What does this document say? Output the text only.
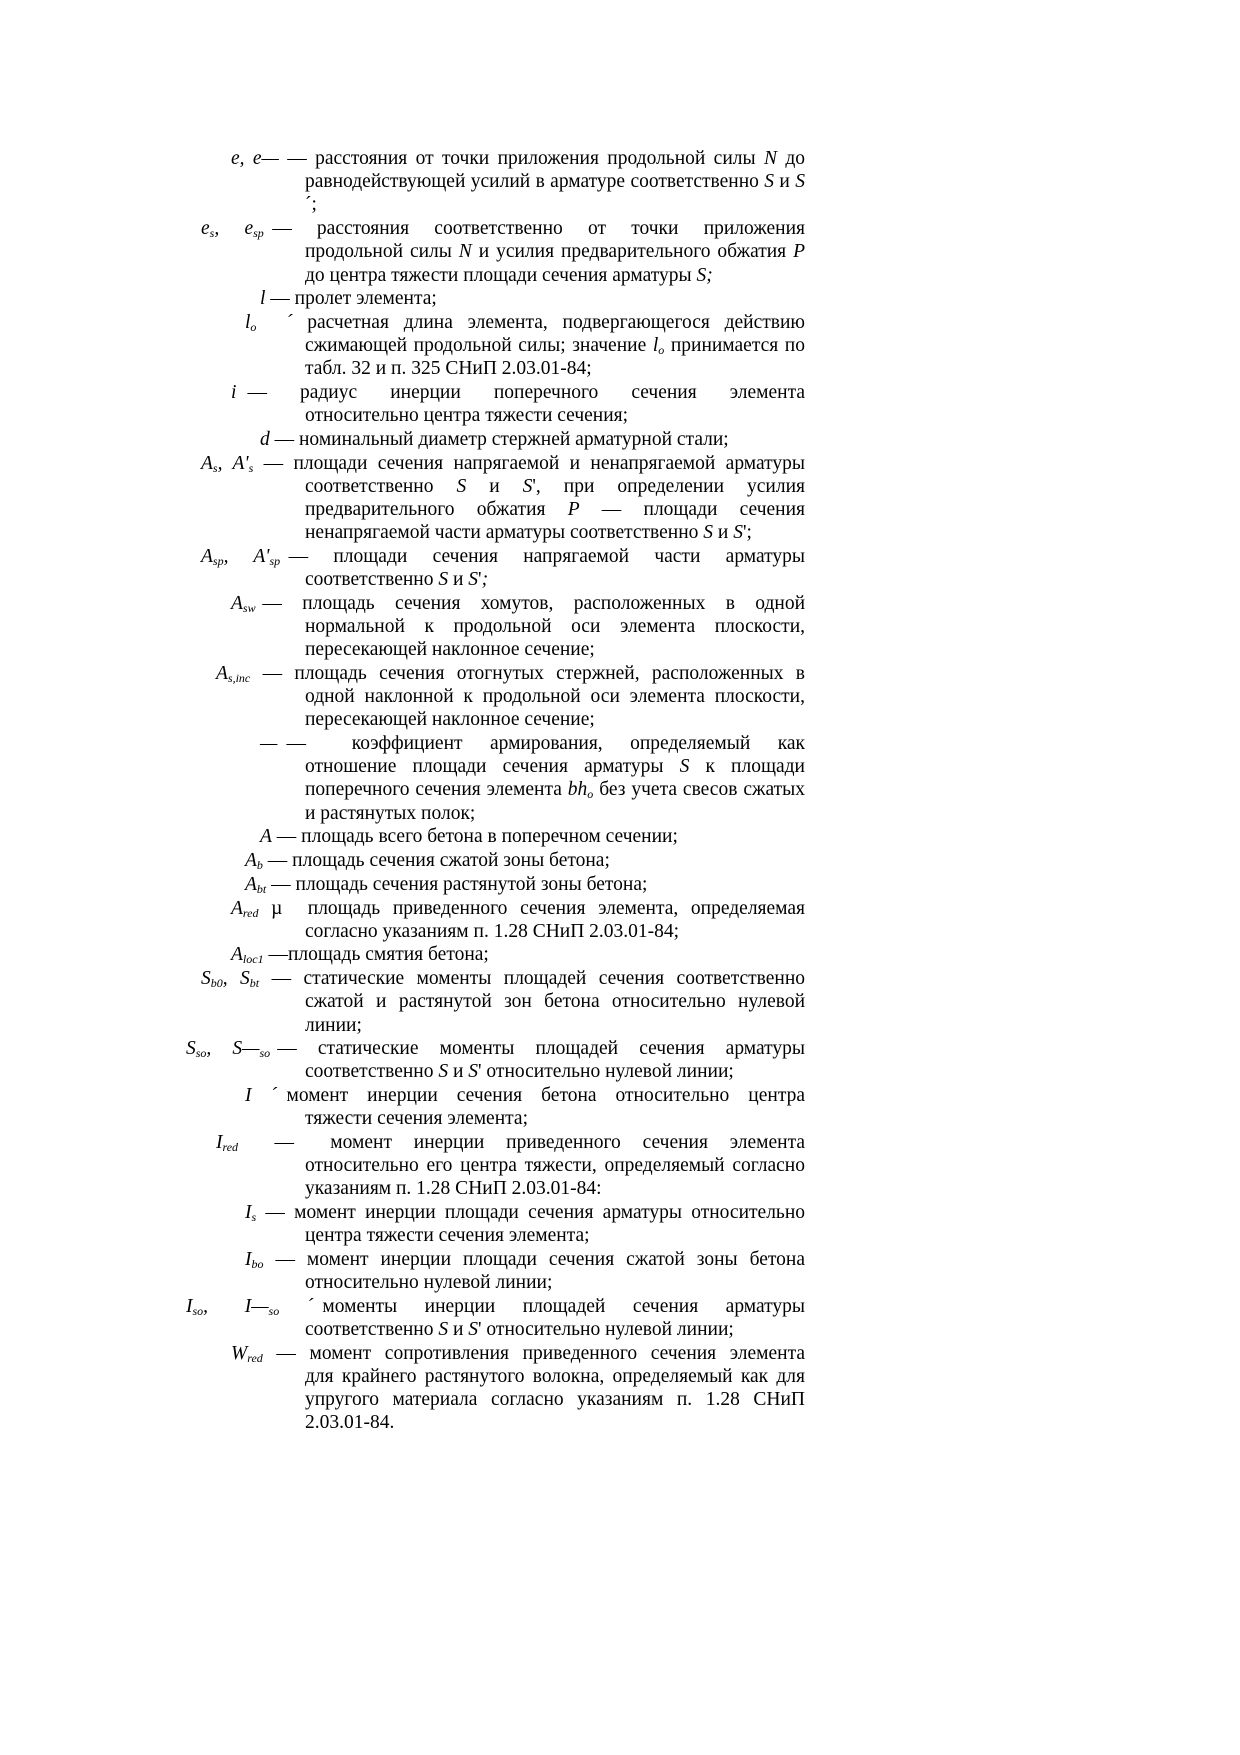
e, e— — расстояния от точки приложения продольной силы N до
равнодействующей усилий в арматуре соответственно S и S´;
$e_s$,   $e_{sp}$ —   расстояния   соответственно   от   точки   приложения
продольной силы N и усилия предварительного обжатия P до центра тяжести площади сечения арматуры S;
l — пролет элемента;
$l_o$  ´ расчетная длина элемента, подвергающегося действию
сжимающей продольной силы; значение $l_o$ принимается по табл. 32 и п. 325 СНиП 2.03.01-84;
i —   радиус   инерции   поперечного   сечения   элемента
относительно центра тяжести сечения;
d — номинальный диаметр стержней арматурной стали;
$A_s$, $A'_s$ — площади сечения напрягаемой и ненапрягаемой арматуры
соответственно S и S', при определении усилия предварительного обжатия P — площади сечения ненапрягаемой части арматуры соответственно S и S';
$A_{sp}$,   $A'_{sp}$ —   площади   сечения   напрягаемой   части   арматуры
соответственно S и S';
$A_{sw}$ —   площадь   сечения   хомутов,   расположенных   в   одной
нормальной к продольной оси элемента плоскости, пересекающей наклонное сечение;
$A_{s,inc}$ — площадь сечения отогнутых стержней, расположенных в
одной наклонной к продольной оси элемента плоскости, пересекающей наклонное сечение;
— —     коэффициент   армирования,   определяемый   как
отношение площади сечения арматуры S к площади поперечного сечения элемента $bh_o$ без учета свесов сжатых и растянутых полок;
A — площадь всего бетона в поперечном сечении;
$A_b$ — площадь сечения сжатой зоны бетона;
$A_{bt}$ — площадь сечения растянутой зоны бетона;
$A_{red}$ µ  площадь приведенного сечения элемента, определяемая
согласно указаниям п. 1.28 СНиП 2.03.01-84;
$A_{loc1}$ —площадь смятия бетона;
$S_{b0}$, $S_{bt}$ — статические моменты площадей сечения соответственно
сжатой и растянутой зон бетона относительно нулевой линии;
$S_{so}$,   $S—_{so}$ —   статические   моменты   площадей   сечения   арматуры
соответственно S и S' относительно нулевой линии;
I  ´ момент  инерции  сечения  бетона  относительно  центра
тяжести сечения элемента;
$I_{red}$     —     момент   инерции   приведенного   сечения   элемента
относительно его центра тяжести, определяемый согласно указаниям п. 1.28 СНиП 2.03.01-84:
$I_s$ — момент инерции площади сечения арматуры относительно
центра тяжести сечения элемента;
$I_{bo}$ — момент инерции площади сечения сжатой зоны бетона
относительно нулевой линии;
$I_{so}$,    $I—_{so}$   ´ моменты   инерции   площадей   сечения   арматуры
соответственно S и S' относительно нулевой линии;
$W_{red}$ — момент сопротивления приведенного сечения элемента
для крайнего растянутого волокна, определяемый как для упругого материала согласно указаниям п. 1.28 СНиП 2.03.01-84.
